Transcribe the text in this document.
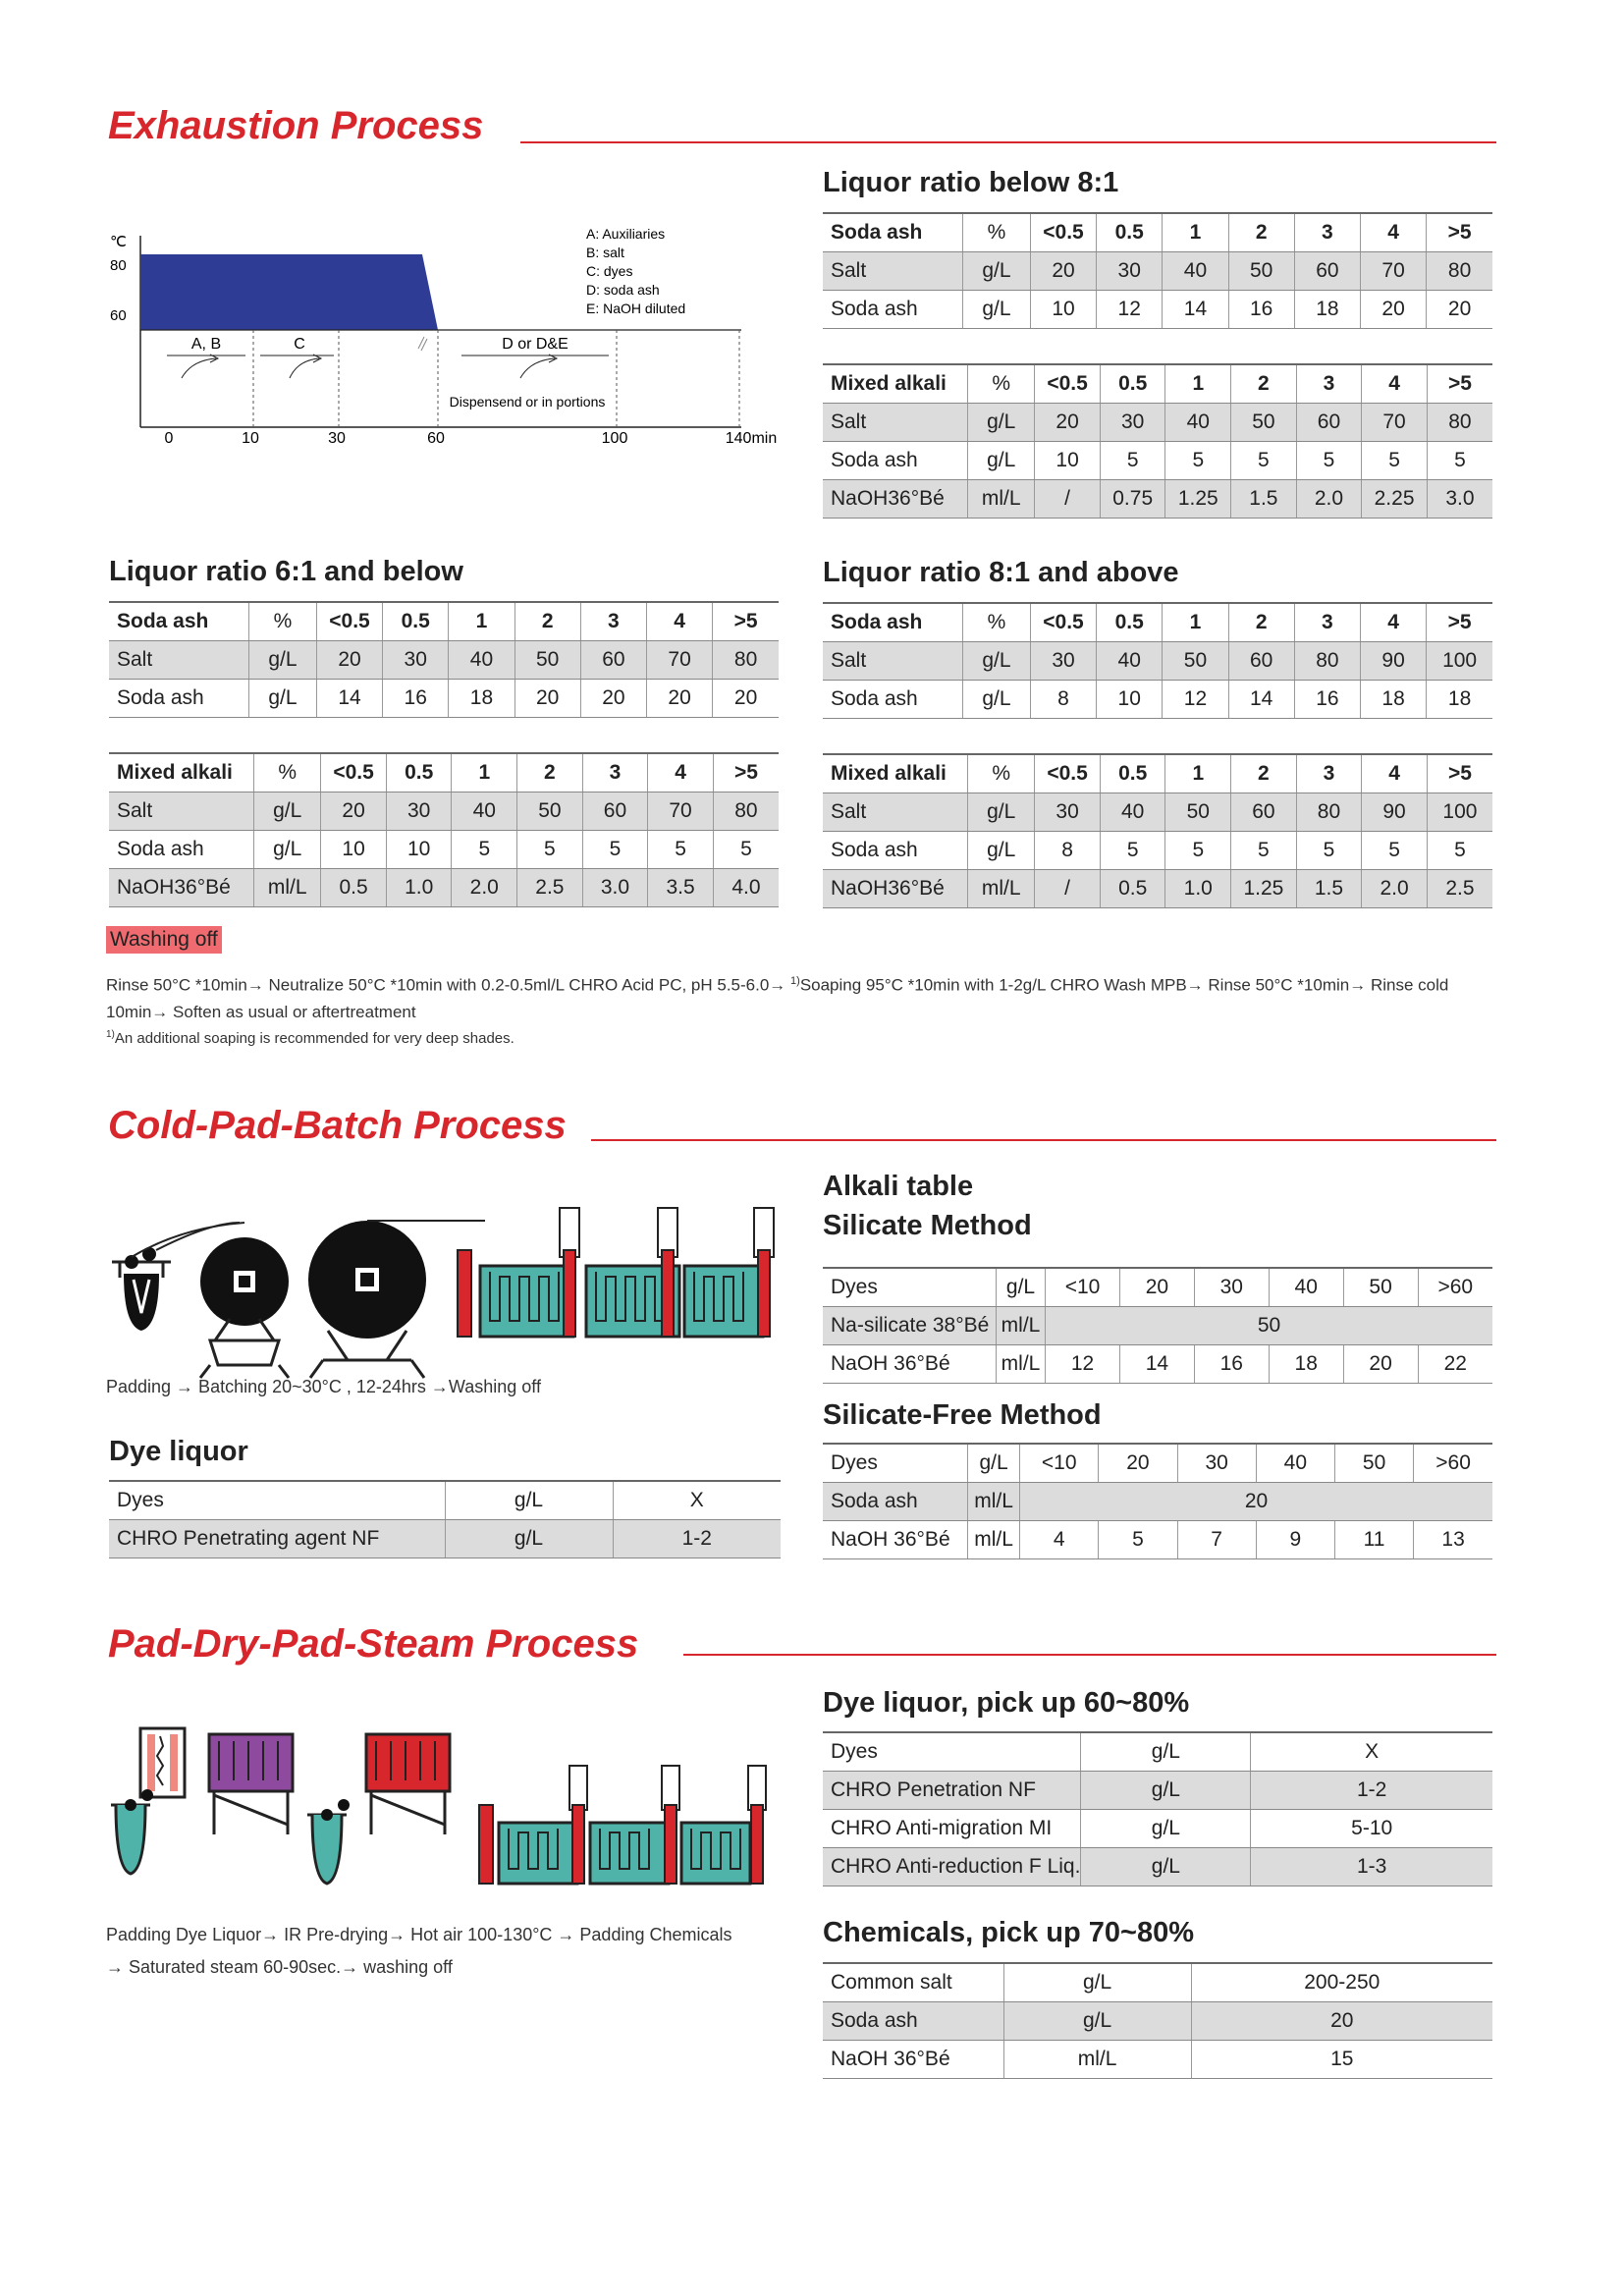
Exhaustion Process
℃
80
60
A, B	C	D or D&E
Dispensend or in portions
A: Auxiliaries
B: salt
C: dyes
D: soda ash
E: NaOH diluted
0	10	30	60	100	140min
Liquor ratio below 8:1
Soda ash	%	<0.5	0.5	1	2	3	4	>5
Salt	g/L	20	30	40	50	60	70	80
Soda ash	g/L	10	12	14	16	18	20	20
Mixed alkali	%	<0.5	0.5	1	2	3	4	>5
Salt	g/L	20	30	40	50	60	70	80
Soda ash	g/L	10	5	5	5	5	5	5
NaOH36°Bé	ml/L	/	0.75	1.25	1.5	2.0	2.25	3.0
Liquor ratio 6:1 and below
Soda ash	%	<0.5	0.5	1	2	3	4	>5
Salt	g/L	20	30	40	50	60	70	80
Soda ash	g/L	14	16	18	20	20	20	20
Mixed alkali	%	<0.5	0.5	1	2	3	4	>5
Salt	g/L	20	30	40	50	60	70	80
Soda ash	g/L	10	10	5	5	5	5	5
NaOH36°Bé	ml/L	0.5	1.0	2.0	2.5	3.0	3.5	4.0
Liquor ratio 8:1 and above
Soda ash	%	<0.5	0.5	1	2	3	4	>5
Salt	g/L	30	40	50	60	80	90	100
Soda ash	g/L	8	10	12	14	16	18	18
Mixed alkali	%	<0.5	0.5	1	2	3	4	>5
Salt	g/L	30	40	50	60	80	90	100
Soda ash	g/L	8	5	5	5	5	5	5
NaOH36°Bé	ml/L	/	0.5	1.0	1.25	1.5	2.0	2.5
Washing off
Rinse 50°C *10min→ Neutralize 50°C *10min with 0.2-0.5ml/L CHRO Acid PC, pH 5.5-6.0→ $^{1)}$Soaping 95°C *10min with 1-2g/L CHRO Wash MPB→ Rinse 50°C *10min→ Rinse cold 10min→ Soften as usual or aftertreatment
$^{1)}$An additional soaping is recommended for very deep shades.
Cold-Pad-Batch Process
Padding → Batching 20~30°C , 12-24hrs →Washing off
Dye liquor
Dyes	g/L	X
CHRO Penetrating agent NF	g/L	1-2
Alkali table
Silicate Method
Dyes	g/L	<10	20	30	40	50	>60
Na-silicate 38°Bé	ml/L	50					
NaOH 36°Bé	ml/L	12	14	16	18	20	22
Silicate-Free Method
Dyes	g/L	<10	20	30	40	50	>60
Soda ash	ml/L	20					
NaOH 36°Bé	ml/L	4	5	7	9	11	13
Pad-Dry-Pad-Steam Process
Padding Dye Liquor→ IR Pre-drying→ Hot air 100-130°C → Padding Chemicals
→ Saturated steam 60-90sec.→ washing off
Dye liquor, pick up 60~80%
Dyes	g/L	X
CHRO Penetration NF	g/L	1-2
CHRO Anti-migration MI	g/L	5-10
CHRO Anti-reduction F Liq.	g/L	1-3
Chemicals, pick up 70~80%
Common salt	g/L	200-250
Soda ash	g/L	20
NaOH 36°Bé	ml/L	15
